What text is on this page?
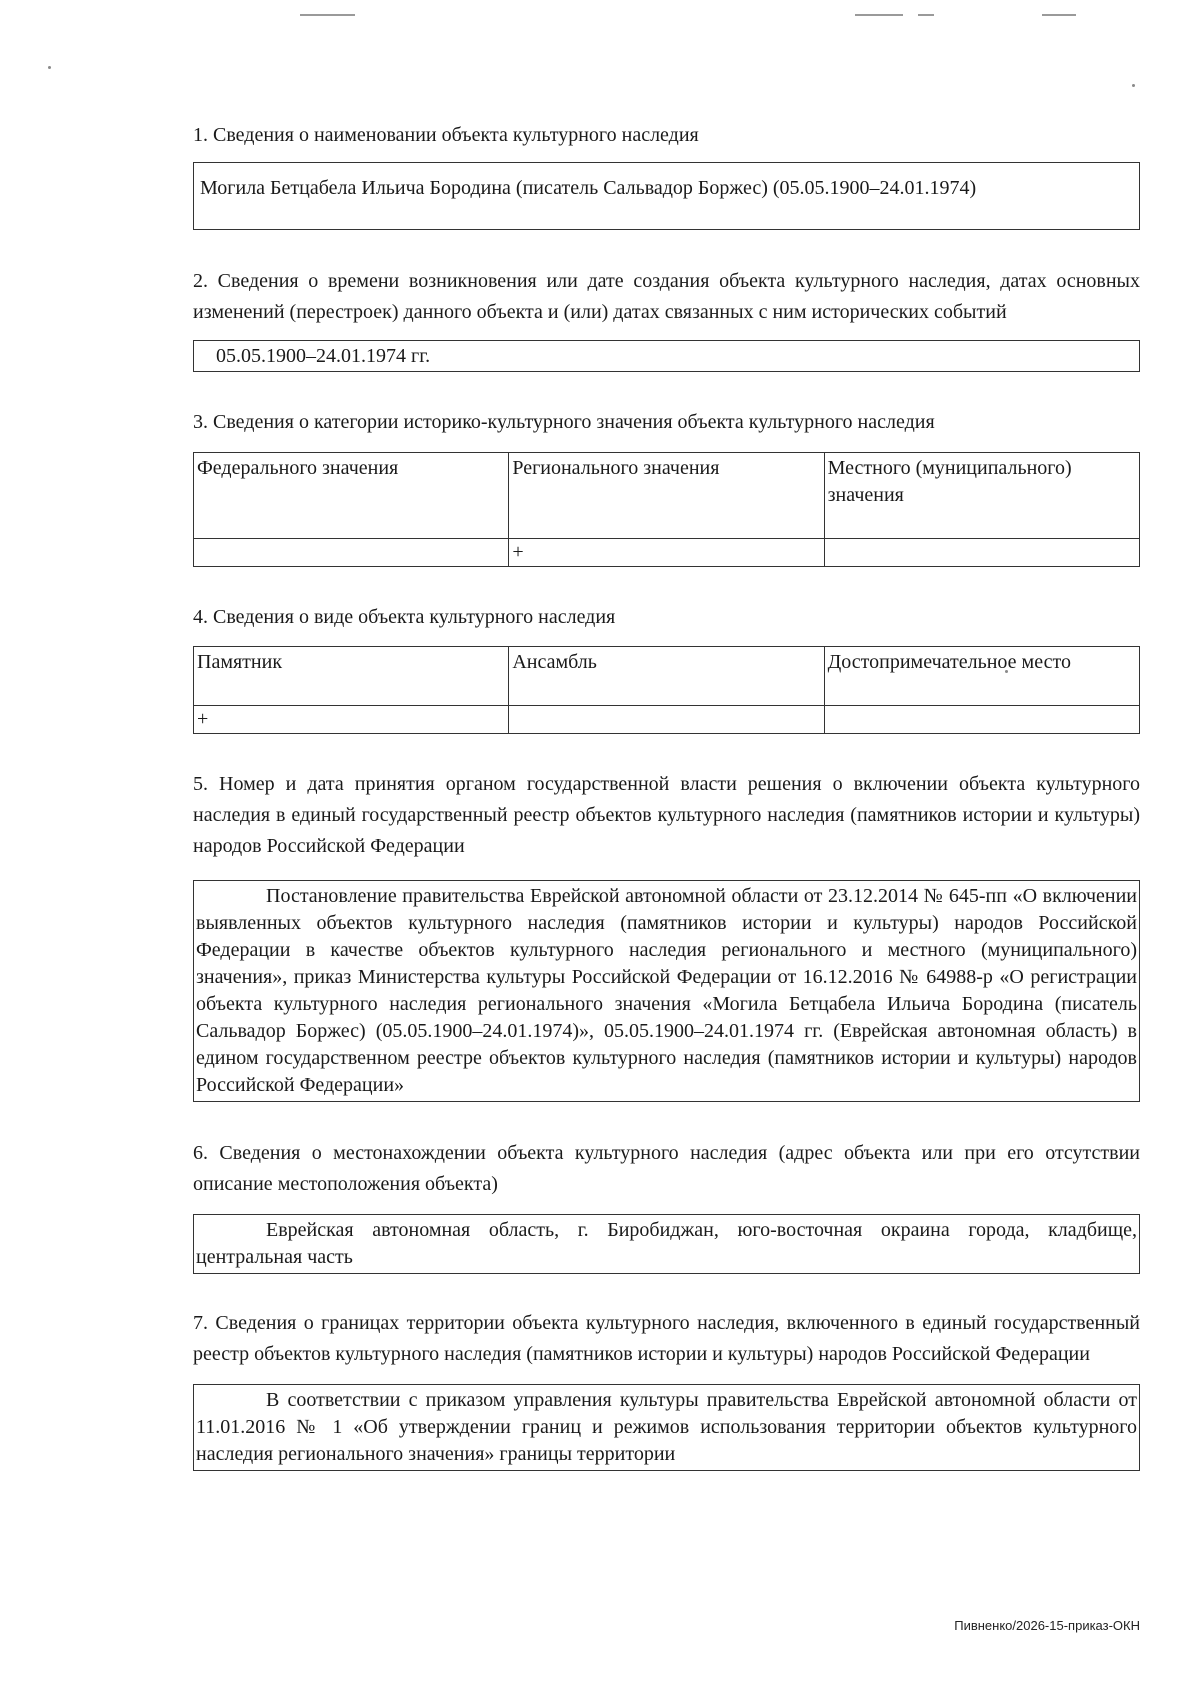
1. Сведения о наименовании объекта культурного наследия

Могила Бетцабела Ильича Бородина (писатель Сальвадор Боржес) (05.05.1900–24.01.1974)

2. Сведения о времени возникновения или дате создания объекта культурного наследия, датах основных изменений (перестроек) данного объекта и (или) датах связанных с ним исторических событий

05.05.1900–24.01.1974 гг.

3. Сведения о категории историко-культурного значения объекта культурного наследия

Федерального значения	Регионального значения	Местного (муниципального) значения
	+	

4. Сведения о виде объекта культурного наследия

Памятник	Ансамбль	Достопримечательное место
+		

5. Номер и дата принятия органом государственной власти решения о включении объекта культурного наследия в единый государственный реестр объектов культурного наследия (памятников истории и культуры) народов Российской Федерации

Постановление правительства Еврейской автономной области от 23.12.2014 № 645-пп «О включении выявленных объектов культурного наследия (памятников истории и культуры) народов Российской Федерации в качестве объектов культурного наследия регионального и местного (муниципального) значения», приказ Министерства культуры Российской Федерации от 16.12.2016 № 64988-р «О регистрации объекта культурного наследия регионального значения «Могила Бетцабела Ильича Бородина (писатель Сальвадор Боржес) (05.05.1900–24.01.1974)», 05.05.1900–24.01.1974 гг. (Еврейская автономная область) в едином государственном реестре объектов культурного наследия (памятников истории и культуры) народов Российской Федерации»

6. Сведения о местонахождении объекта культурного наследия (адрес объекта или при его отсутствии описание местоположения объекта)

Еврейская автономная область, г. Биробиджан, юго-восточная окраина города, кладбище, центральная часть

7. Сведения о границах территории объекта культурного наследия, включенного в единый государственный реестр объектов культурного наследия (памятников истории и культуры) народов Российской Федерации

В соответствии с приказом управления культуры правительства Еврейской автономной области от 11.01.2016 № 1 «Об утверждении границ и режимов использования территории объектов культурного наследия регионального значения» границы территории
Пивненко/2026-15-приказ-ОКН
